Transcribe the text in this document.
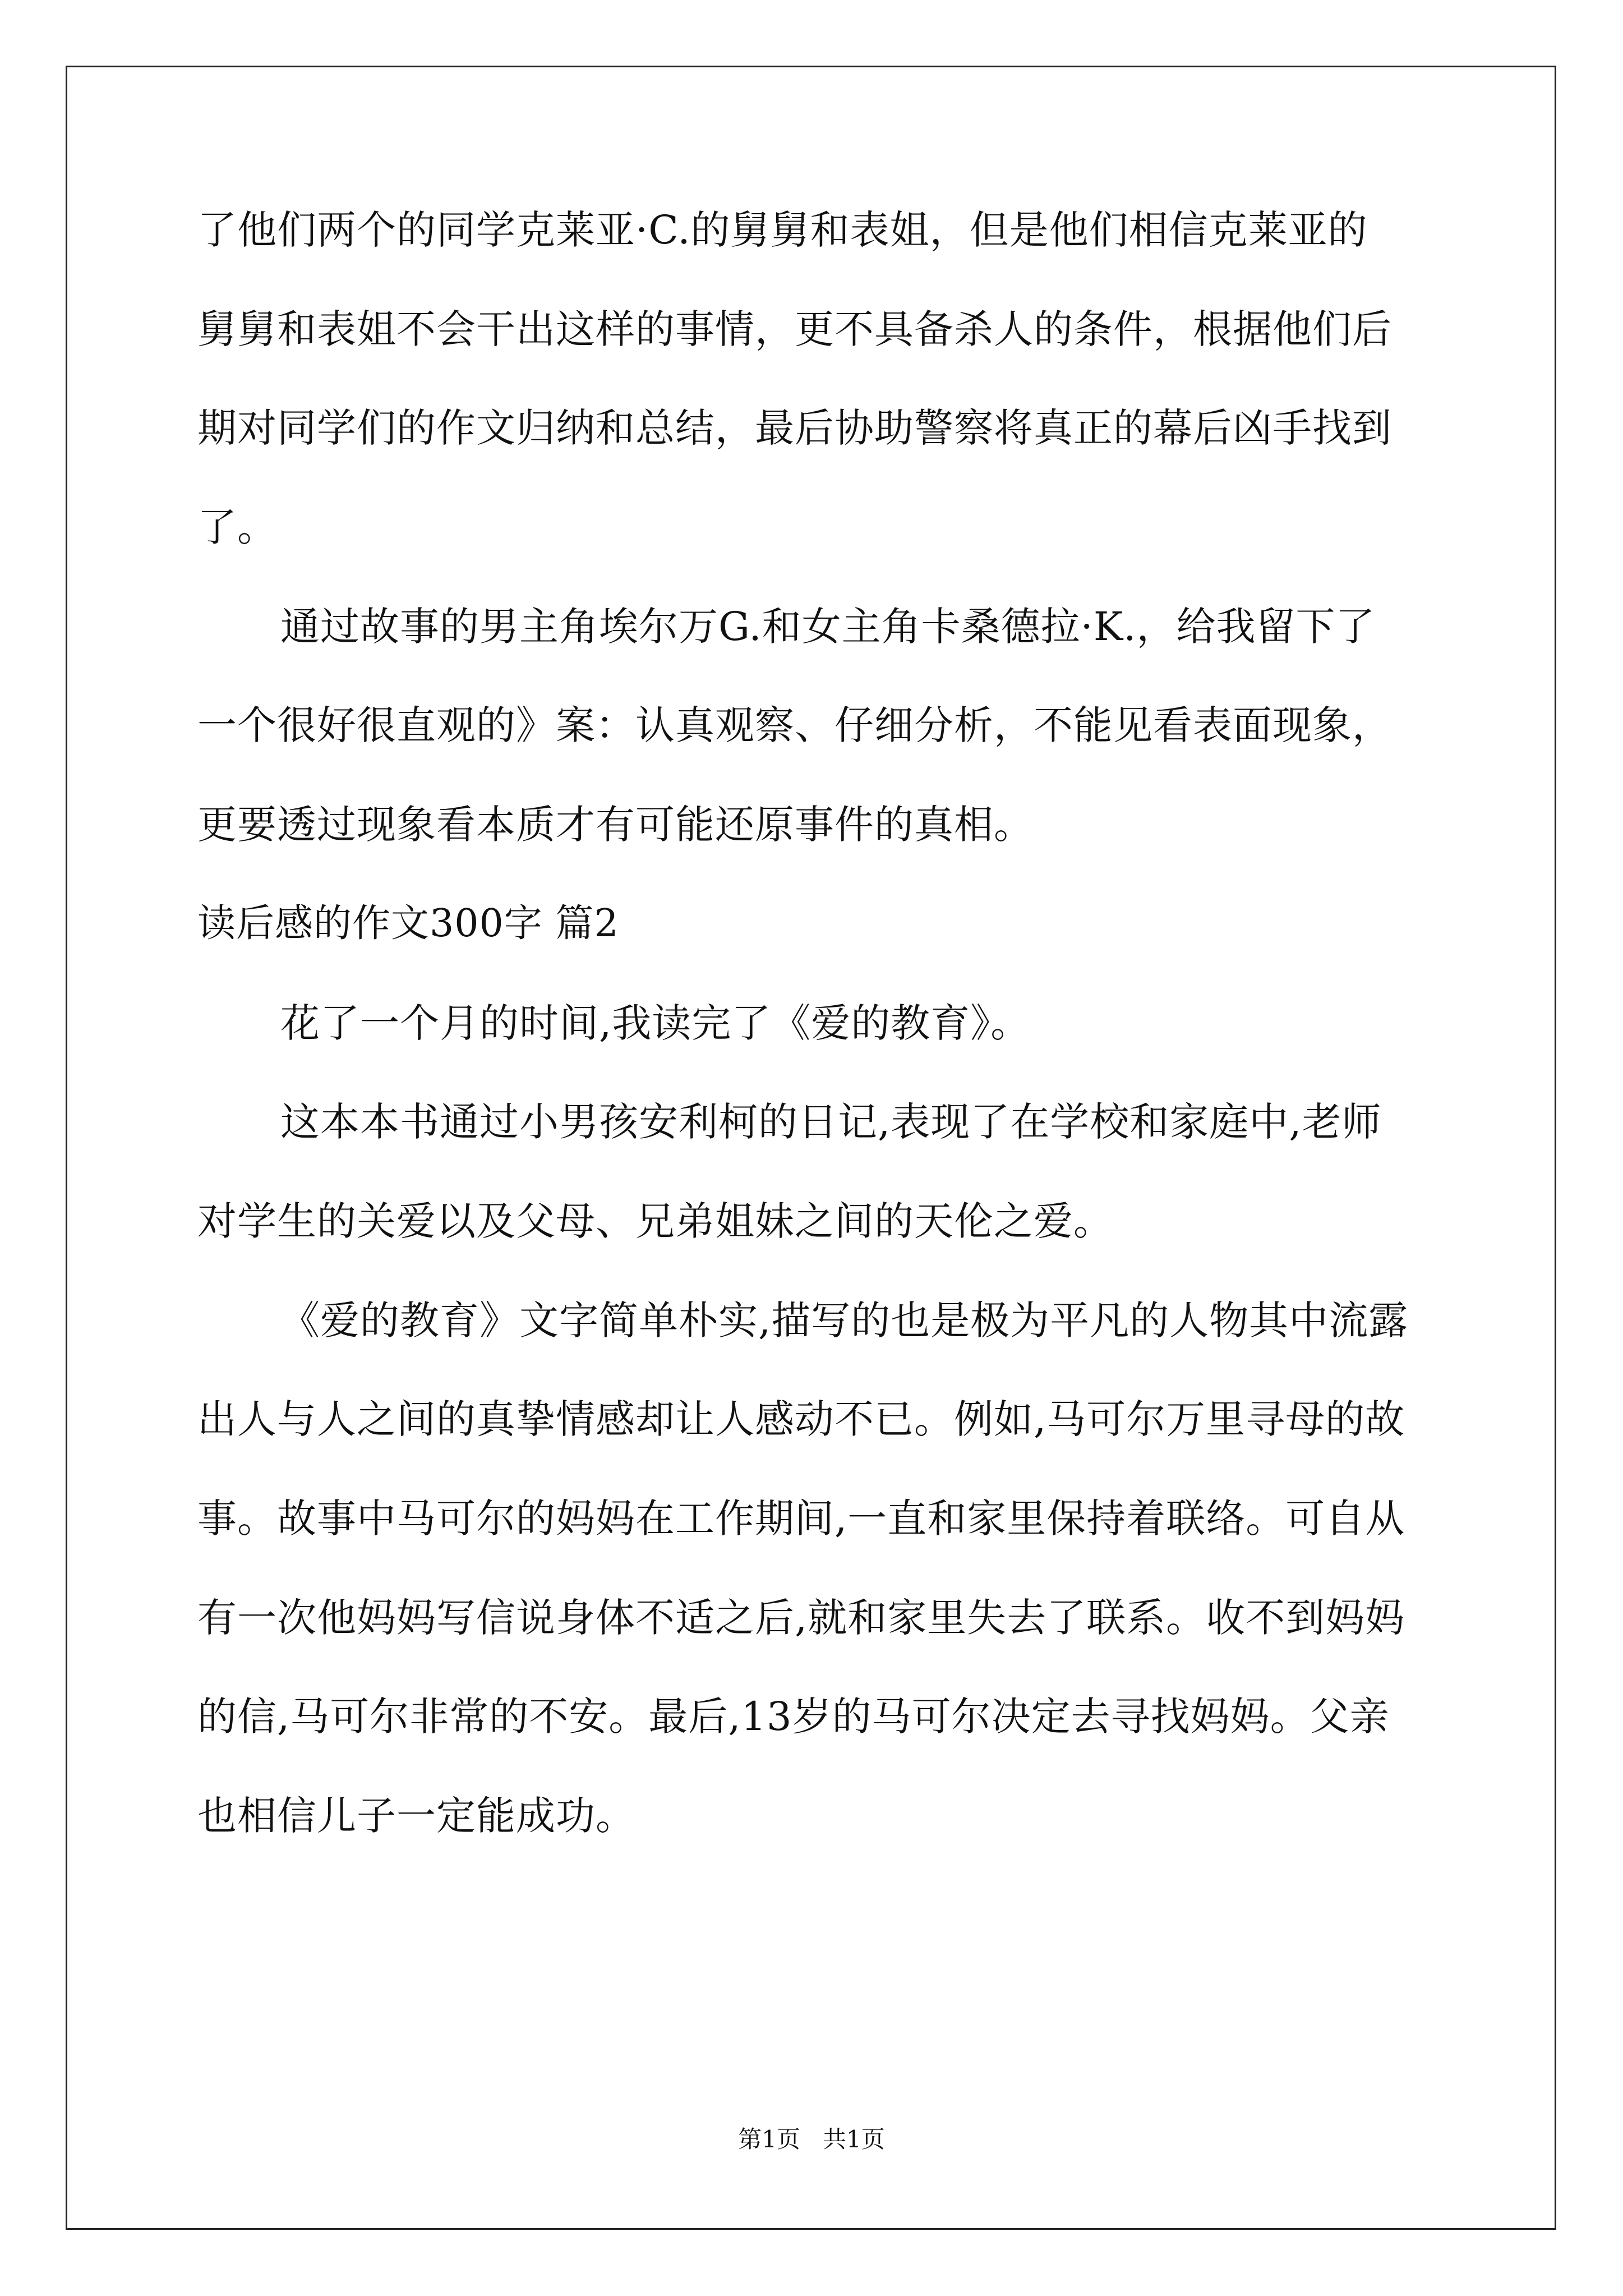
了他们两个的同学克莱亚·C.的舅舅和表姐，但是他们相信克莱亚的

舅舅和表姐不会干出这样的事情，更不具备杀人的条件，根据他们后

期对同学们的作文归纳和总结，最后协助警察将真正的幕后凶手找到

了。

通过故事的男主角埃尔万G.和女主角卡桑德拉·K.，给我留下了

一个很好很直观的》案：认真观察、仔细分析，不能见看表面现象，

更要透过现象看本质才有可能还原事件的真相。

读后感的作文300字 篇2

花了一个月的时间,我读完了《爱的教育》。

这本本书通过小男孩安利柯的日记,表现了在学校和家庭中,老师

对学生的关爱以及父母、兄弟姐妹之间的天伦之爱。

《爱的教育》文字简单朴实,描写的也是极为平凡的人物其中流露

出人与人之间的真挚情感却让人感动不已。例如,马可尔万里寻母的故

事。故事中马可尔的妈妈在工作期间,一直和家里保持着联络。可自从

有一次他妈妈写信说身体不适之后,就和家里失去了联系。收不到妈妈

的信,马可尔非常的不安。最后,13岁的马可尔决定去寻找妈妈。父亲

也相信儿子一定能成功。

第1页   共1页
